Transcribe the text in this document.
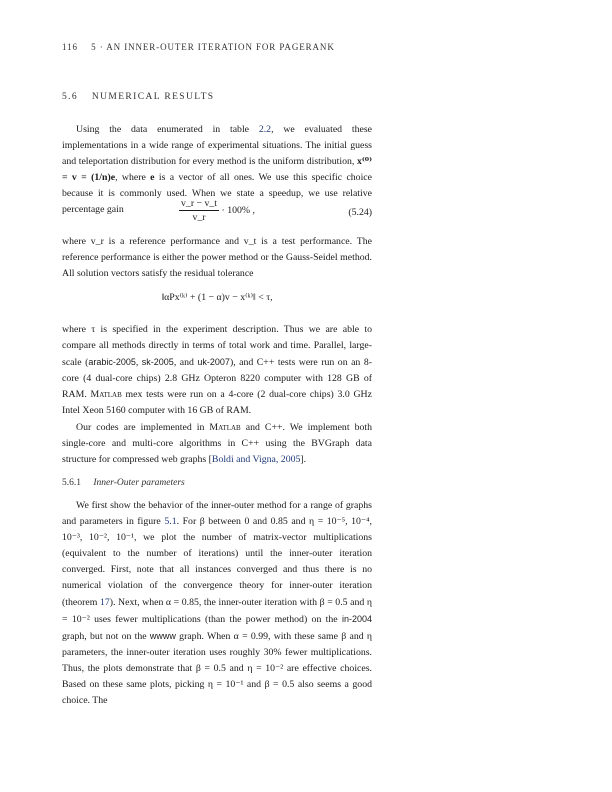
116 5 · AN INNER-OUTER ITERATION FOR PAGERANK
5.6 NUMERICAL RESULTS

Using the data enumerated in table 2.2, we evaluated these implementations in a wide range of experimental situations. The initial guess and teleportation distribution for every method is the uniform distribution, x⁽⁰⁾ = v = (1/n)e, where e is a vector of all ones. We use this specific choice because it is commonly used. When we state a speedup, we use relative percentage gain	$\frac{v\_r - v\_t}{v\_r} \cdot 100\%$ ,	(5.24)

where v_r is a reference performance and v_t is a test performance. The reference performance is either the power method or the Gauss-Seidel method. All solution vectors satisfy the residual tolerance

‖αPx⁽ᵏ⁾ + (1 − α)v − x⁽ᵏ⁾‖ < τ,

where τ is specified in the experiment description. Thus we are able to compare all methods directly in terms of total work and time. Parallel, large-scale (arabic-2005, sk-2005, and uk-2007), and C++ tests were run on an 8-core (4 dual-core chips) 2.8 GHz Opteron 8220 computer with 128 GB of RAM. Matlab mex tests were run on a 4-core (2 dual-core chips) 3.0 GHz Intel Xeon 5160 computer with 16 GB of RAM.

Our codes are implemented in Matlab and C++. We implement both single-core and multi-core algorithms in C++ using the BVGraph data structure for compressed web graphs [Boldi and Vigna, 2005].

5.6.1 Inner-Outer parameters

We first show the behavior of the inner-outer method for a range of graphs and parameters in figure 5.1. For β between 0 and 0.85 and η = 10⁻⁵, 10⁻⁴, 10⁻³, 10⁻², 10⁻¹, we plot the number of matrix-vector multiplications (equivalent to the number of iterations) until the inner-outer iteration converged. First, note that all instances converged and thus there is no numerical violation of the convergence theory for inner-outer iteration (theorem 17). Next, when α = 0.85, the inner-outer iteration with β = 0.5 and η = 10⁻² uses fewer multiplications (than the power method) on the in-2004 graph, but not on the wwww graph. When α = 0.99, with these same β and η parameters, the inner-outer iteration uses roughly 30% fewer multiplications. Thus, the plots demonstrate that β = 0.5 and η = 10⁻² are effective choices. Based on these same plots, picking η = 10⁻¹ and β = 0.5 also seems a good choice. The
